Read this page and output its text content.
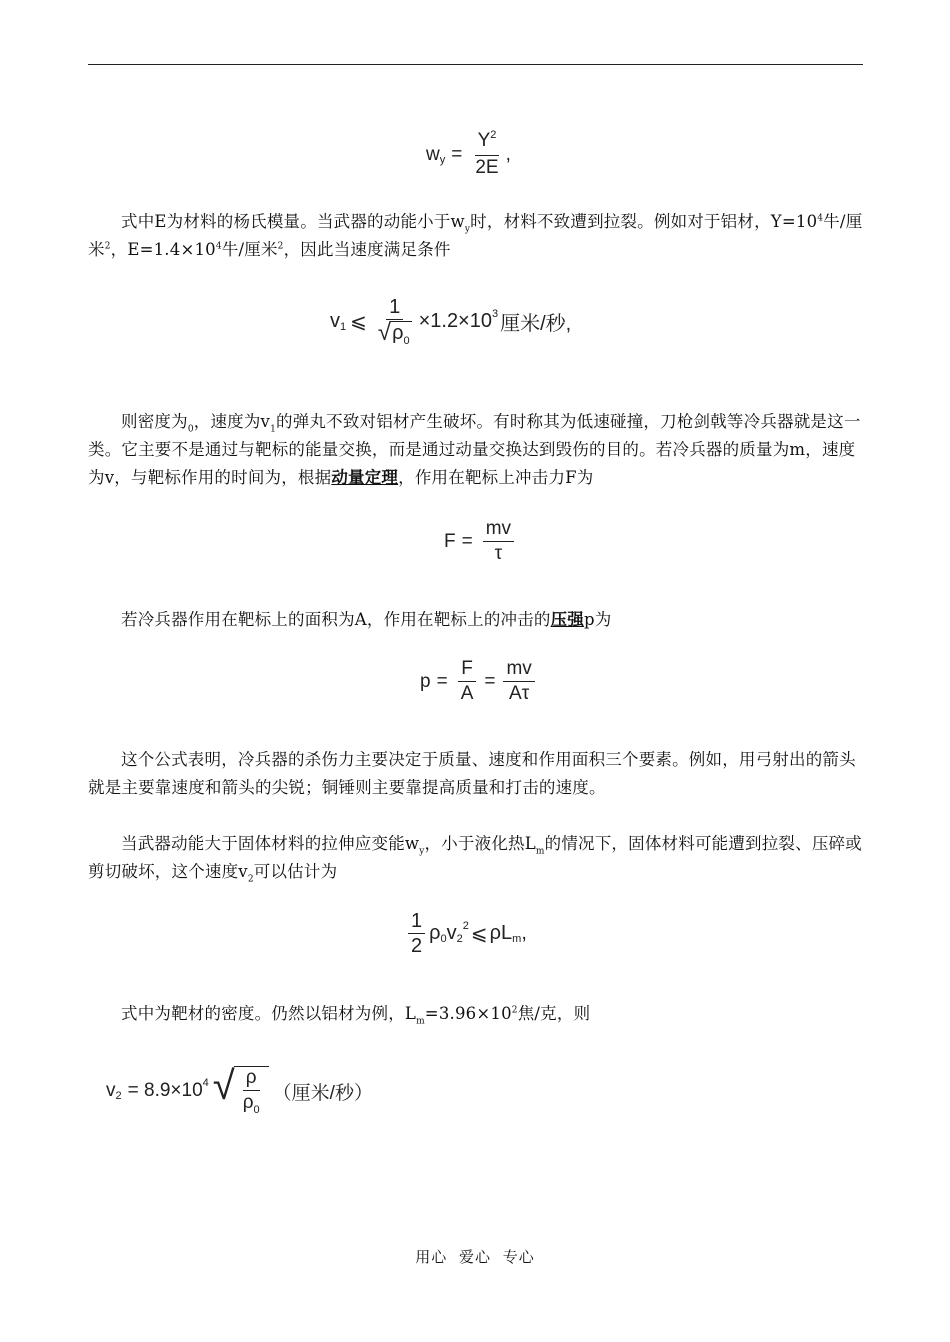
w $y = \frac{Y^2}{2E}$ ,

式中E为材料的杨氏模量。当武器的动能小于$w_y$时，材料不致遭到拉裂。例如对于铝材，$Y=10^4$牛/厘米$^2$，$E=1.4\times 10^4$牛/厘米$^2$，因此当速度满足条件

v 1 ⩽ $\frac{1}{√ \rho_0} \times 1.2\times 10$ 3 厘米/秒,

则密度为$_0$，速度为$v_1$的弹丸不致对铝材产生破坏。有时称其为低速碰撞，刀枪剑戟等冷兵器就是这一类。它主要不是通过与靶标的能量交换，而是通过动量交换达到毁伤的目的。若冷兵器的质量为m，速度为v，与靶标作用的时间为，根据动量定理，作用在靶标上冲击力F为

$F = \frac{mv}{\tau}$

若冷兵器作用在靶标上的面积为A，作用在靶标上的冲击的压强p为

$p = \frac{F}{A} = \frac{mv}{A\tau}$

这个公式表明，冷兵器的杀伤力主要决定于质量、速度和作用面积三个要素。例如，用弓射出的箭头就是主要靠速度和箭头的尖锐；铜锤则主要靠提高质量和打击的速度。

当武器动能大于固体材料的拉伸应变能$w_y$，小于液化热$L_m$的情况下，固体材料可能遭到拉裂、压碎或剪切破坏，这个速度$v_2$可以估计为

$\frac{1}{2}$ ρ 0 v 2
2 ⩽ ρL m ,

式中为靶材的密度。仍然以铝材为例，$L_m=3.96\times 10^2$焦/克，则

v 2 = 8.9×10 4 √ $\frac{\rho}{\rho_0}$ （厘米/秒）
用心 爱心 专心
